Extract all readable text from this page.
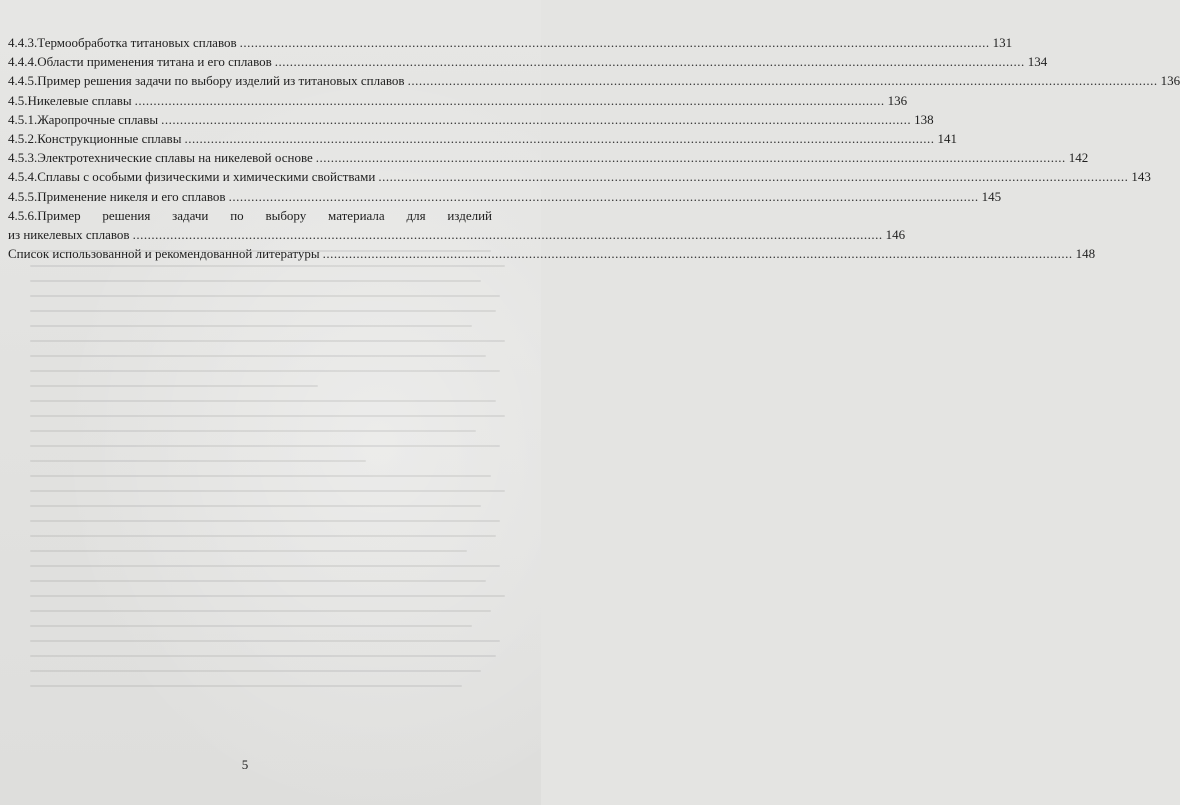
4.4.3. Термообработка титановых сплавов .....	131
4.4.4. Области применения титана и его сплавов .....	134
4.4.5. Пример решения задачи по выбору изделий из титановых сплавов .....	136
4.5. Никелевые сплавы .....	136
4.5.1. Жаропрочные сплавы .....	138
4.5.2. Конструкционные сплавы .....	141
4.5.3. Электротехнические сплавы на никелевой основе .....	142
4.5.4. Сплавы с особыми физическими и химическими свойствами .....	143
4.5.5. Применение никеля и его сплавов .....	145
4.5.6. Пример решения задачи по выбору материала для изделий
из никелевых сплавов .....	146
Список использованной и рекомендованной литературы .....	148
5
